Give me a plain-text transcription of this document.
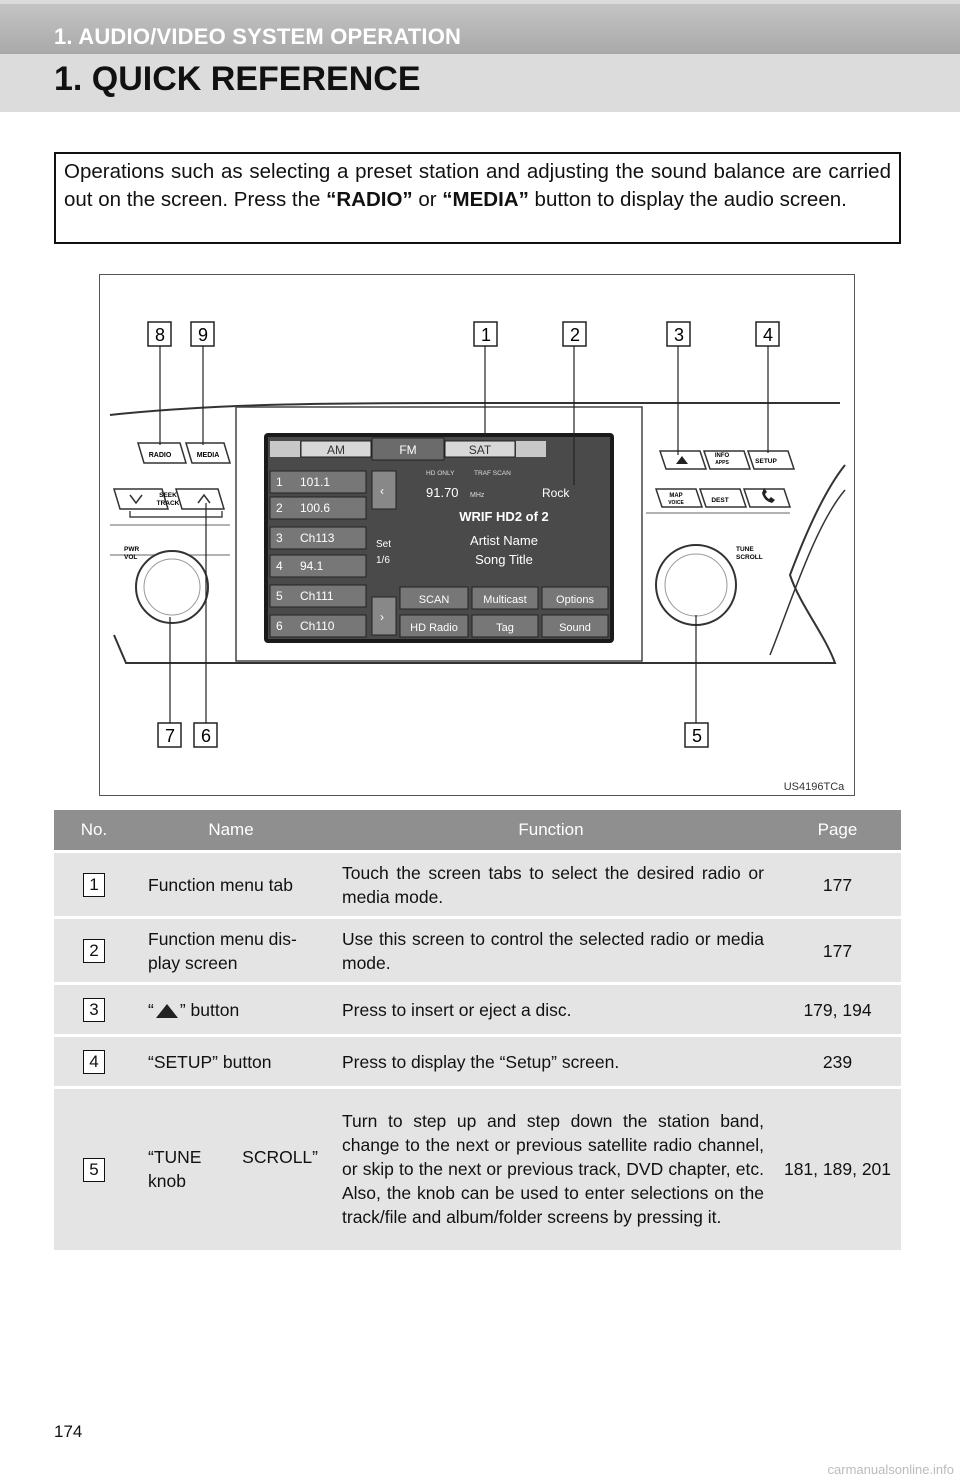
1. AUDIO/VIDEO SYSTEM OPERATION
1. QUICK REFERENCE
Operations such as selecting a preset station and adjusting the sound balance are carried out on the screen. Press the “RADIO” or “MEDIA” button to display the audio screen.
RADIO	MEDIA
SEEK
TRACK
PWR
VOL
INFO
APPS	SETUP
MAP
VOICE	DEST
TUNE
SCROLL
AM	FM	SAT
1 101.1
2 100.6
3 Ch113
4 94.1
5 Ch111
6 Ch110
‹
›
Set
1/6
HD ONLY	TRAF SCAN
91.70 MHz	Rock
WRIF HD2 of 2
Artist Name
Song Title
SCAN	Multicast	Options
HD Radio	Tag	Sound
8 9	1	2	3	4
7 6	5
US4196TCa
No.	Name	Function	Page
1	Function menu tab	Touch the screen tabs to select the desired radio or media mode.	177
2	Function menu dis-play screen	Use this screen to control the selected radio or media mode.	177
3	“ ” button	Press to insert or eject a disc.	179, 194
4	“SETUP” button	Press to display the “Setup” screen.	239
5	“TUNE SCROLL” knob	Turn to step up and step down the station band, change to the next or previous satellite radio channel, or skip to the next or previous track, DVD chapter, etc. Also, the knob can be used to enter selections on the track/file and album/folder screens by pressing it.	181, 189, 201
174
carmanualsonline.info
